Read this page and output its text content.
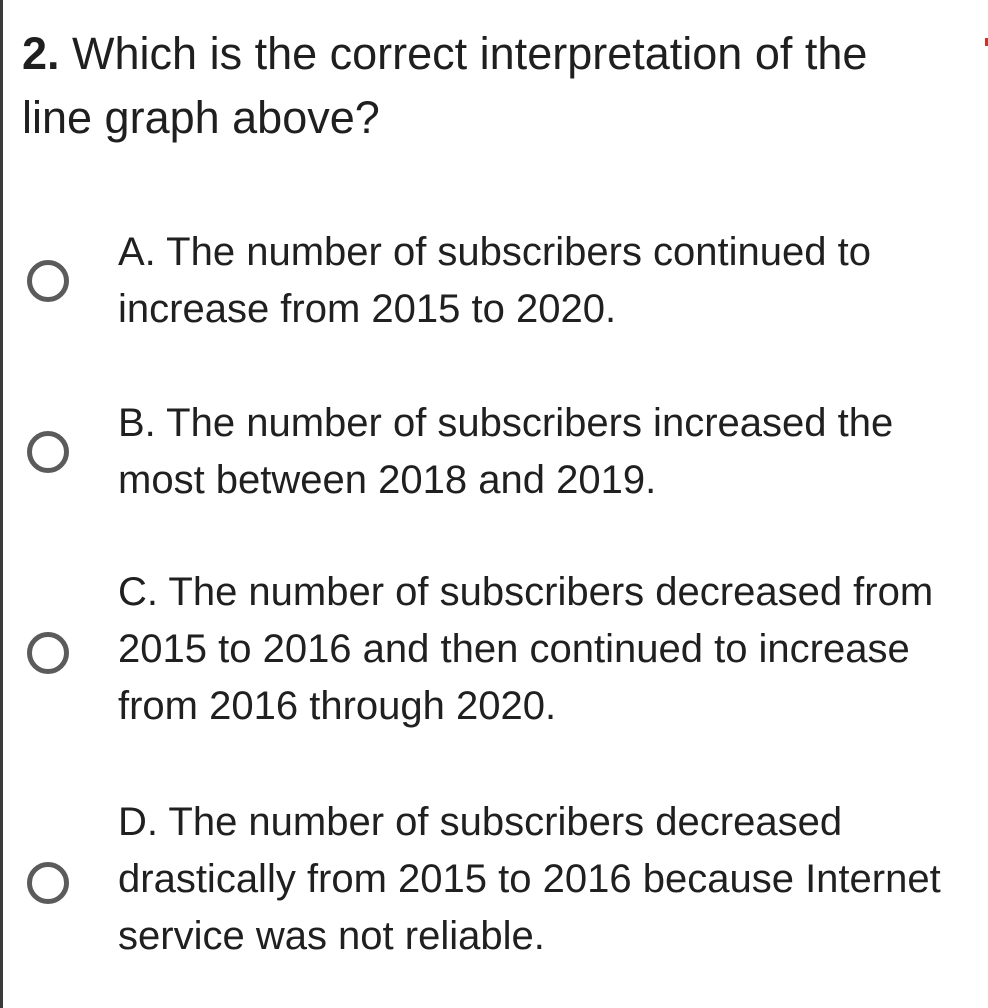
2. Which is the correct interpretation of the line graph above?
A. The number of subscribers continued to increase from 2015 to 2020.
B. The number of subscribers increased the most between 2018 and 2019.
C. The number of subscribers decreased from 2015 to 2016 and then continued to increase from 2016 through 2020.
D. The number of subscribers decreased drastically from 2015 to 2016 because Internet service was not reliable.
